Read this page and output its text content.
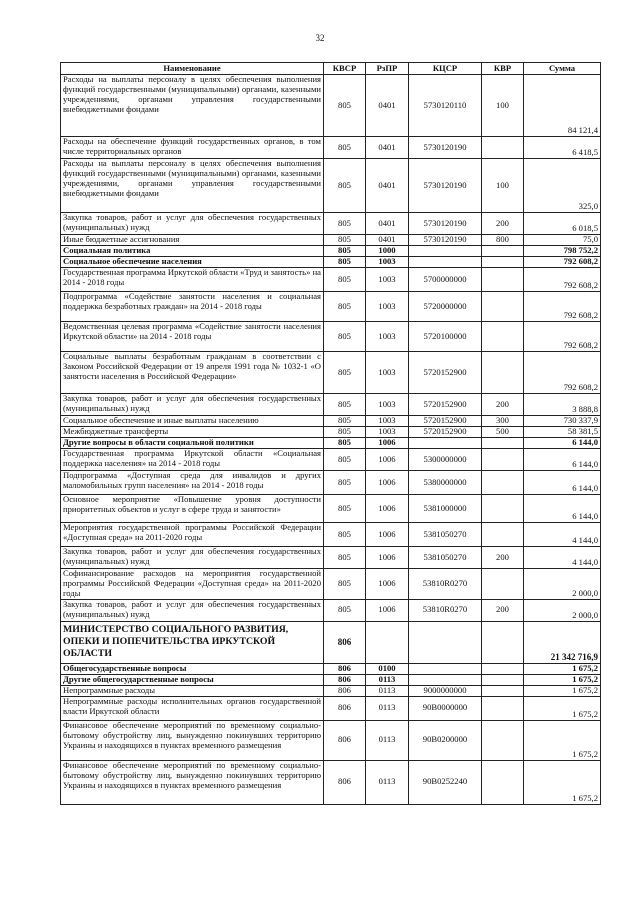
32
Наименование	КВСР	РзПР	КЦСР	КВР	Сумма
Расходы на выплаты персоналу в целях обеспечения выполнения функций государственными (муниципальными) органами, казенными учреждениями, органами управления государственными внебюджетными фондами	805	0401	5730120110	100	84 121,4
Расходы на обеспечение функций государственных органов, в том числе территориальных органов	805	0401	5730120190		6 418,5
Расходы на выплаты персоналу в целях обеспечения выполнения функций государственными (муниципальными) органами, казенными учреждениями, органами управления государственными внебюджетными фондами	805	0401	5730120190	100	325,0
Закупка товаров, работ и услуг для обеспечения государственных (муниципальных) нужд	805	0401	5730120190	200	6 018,5
Иные бюджетные ассигнования	805	0401	5730120190	800	75,0
Социальная политика	805	1000			798 752,2
Социальное обеспечение населения	805	1003			792 608,2
Государственная программа Иркутской области «Труд и занятость» на 2014 - 2018 годы	805	1003	5700000000		792 608,2
Подпрограмма «Содействие занятости населения и социальная поддержка безработных граждан» на 2014 - 2018 годы	805	1003	5720000000		792 608,2
Ведомственная целевая программа «Содействие занятости населения Иркутской области» на 2014 - 2018 годы	805	1003	5720100000		792 608,2
Социальные выплаты безработным гражданам в соответствии с Законом Российской Федерации от 19 апреля 1991 года № 1032-1 «О занятости населения в Российской Федерации»	805	1003	5720152900		792 608,2
Закупка товаров, работ и услуг для обеспечения государственных (муниципальных) нужд	805	1003	5720152900	200	3 888,8
Социальное обеспечение и иные выплаты населению	805	1003	5720152900	300	730 337,9
Межбюджетные трансферты	805	1003	5720152900	500	58 381,5
Другие вопросы в области социальной политики	805	1006			6 144,0
Государственная программа Иркутской области «Социальная поддержка населения» на 2014 - 2018 годы	805	1006	5300000000		6 144,0
Подпрограмма «Доступная среда для инвалидов и других маломобильных групп населения» на 2014 - 2018 годы	805	1006	5380000000		6 144,0
Основное мероприятие «Повышение уровня доступности приоритетных объектов и услуг в сфере труда и занятости»	805	1006	5381000000		6 144,0
Мероприятия государственной программы Российской Федерации «Доступная среда» на 2011-2020 годы	805	1006	5381050270		4 144,0
Закупка товаров, работ и услуг для обеспечения государственных (муниципальных) нужд	805	1006	5381050270	200	4 144,0
Софинансирование расходов на мероприятия государственной программы Российской Федерации «Доступная среда» на 2011-2020 годы	805	1006	53810R0270		2 000,0
Закупка товаров, работ и услуг для обеспечения государственных (муниципальных) нужд	805	1006	53810R0270	200	2 000,0
МИНИСТЕРСТВО СОЦИАЛЬНОГО РАЗВИТИЯ, ОПЕКИ И ПОПЕЧИТЕЛЬСТВА ИРКУТСКОЙ ОБЛАСТИ	806				21 342 716,9
Общегосударственные вопросы	806	0100			1 675,2
Другие общегосударственные вопросы	806	0113			1 675,2
Непрограммные расходы	806	0113	9000000000		1 675,2
Непрограммные расходы исполнительных органов государственной власти Иркутской области	806	0113	90В0000000		1 675,2
Финансовое обеспечение мероприятий по временному социально-бытовому обустройству лиц, вынужденно покинувших территорию Украины и находящихся в пунктах временного размещения	806	0113	90В0200000		1 675,2
Финансовое обеспечение мероприятий по временному социально-бытовому обустройству лиц, вынужденно покинувших территорию Украины и находящихся в пунктах временного размещения	806	0113	90В0252240		1 675,2
